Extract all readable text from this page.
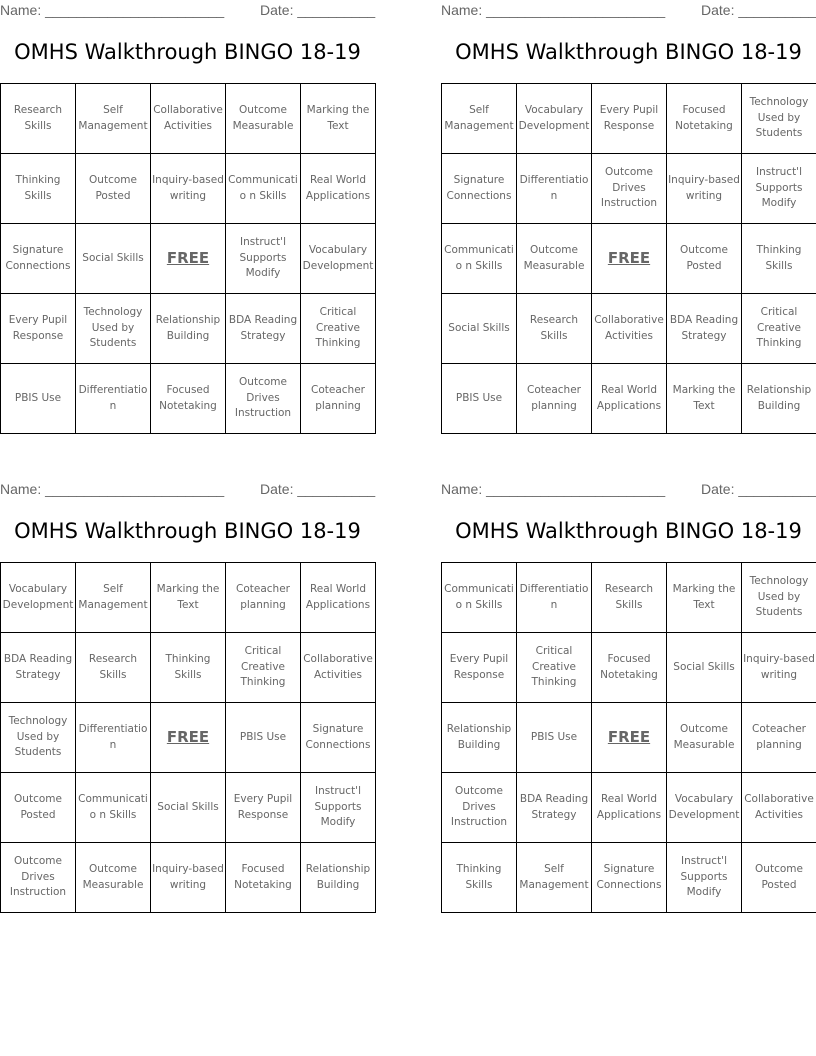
Name: _______________________	Date: __________
OMHS Walkthrough BINGO 18-19
Research Skills	Self Management	Collaborative Activities	Outcome Measurable	Marking the Text

Thinking Skills	Outcome Posted	Inquiry-based writing	Communicatio n Skills	Real World Applications

Signature Connections	Social Skills	FREE	Instruct'l Supports Modify	Vocabulary Development

Every Pupil Response	Technology Used by Students	Relationship Building	BDA Reading Strategy	Critical Creative Thinking

PBIS Use	Differentiatio n	Focused Notetaking	Outcome Drives Instruction	Coteacher planning
Name: _______________________	Date: __________
OMHS Walkthrough BINGO 18-19
Self Management	Vocabulary Development	Every Pupil Response	Focused Notetaking	Technology Used by Students

Signature Connections	Differentiatio n	Outcome Drives Instruction	Inquiry-based writing	Instruct'l Supports Modify

Communicatio n Skills	Outcome Measurable	FREE	Outcome Posted	Thinking Skills

Social Skills	Research Skills	Collaborative Activities	BDA Reading Strategy	Critical Creative Thinking

PBIS Use	Coteacher planning	Real World Applications	Marking the Text	Relationship Building
Name: _______________________	Date: __________
OMHS Walkthrough BINGO 18-19
Vocabulary Development	Self Management	Marking the Text	Coteacher planning	Real World Applications

BDA Reading Strategy	Research Skills	Thinking Skills	Critical Creative Thinking	Collaborative Activities

Technology Used by Students	Differentiatio n	FREE	PBIS Use	Signature Connections

Outcome Posted	Communicatio n Skills	Social Skills	Every Pupil Response	Instruct'l Supports Modify

Outcome Drives Instruction	Outcome Measurable	Inquiry-based writing	Focused Notetaking	Relationship Building
Name: _______________________	Date: __________
OMHS Walkthrough BINGO 18-19
Communicatio n Skills	Differentiatio n	Research Skills	Marking the Text	Technology Used by Students

Every Pupil Response	Critical Creative Thinking	Focused Notetaking	Social Skills	Inquiry-based writing

Relationship Building	PBIS Use	FREE	Outcome Measurable	Coteacher planning

Outcome Drives Instruction	BDA Reading Strategy	Real World Applications	Vocabulary Development	Collaborative Activities

Thinking Skills	Self Management	Signature Connections	Instruct'l Supports Modify	Outcome Posted
